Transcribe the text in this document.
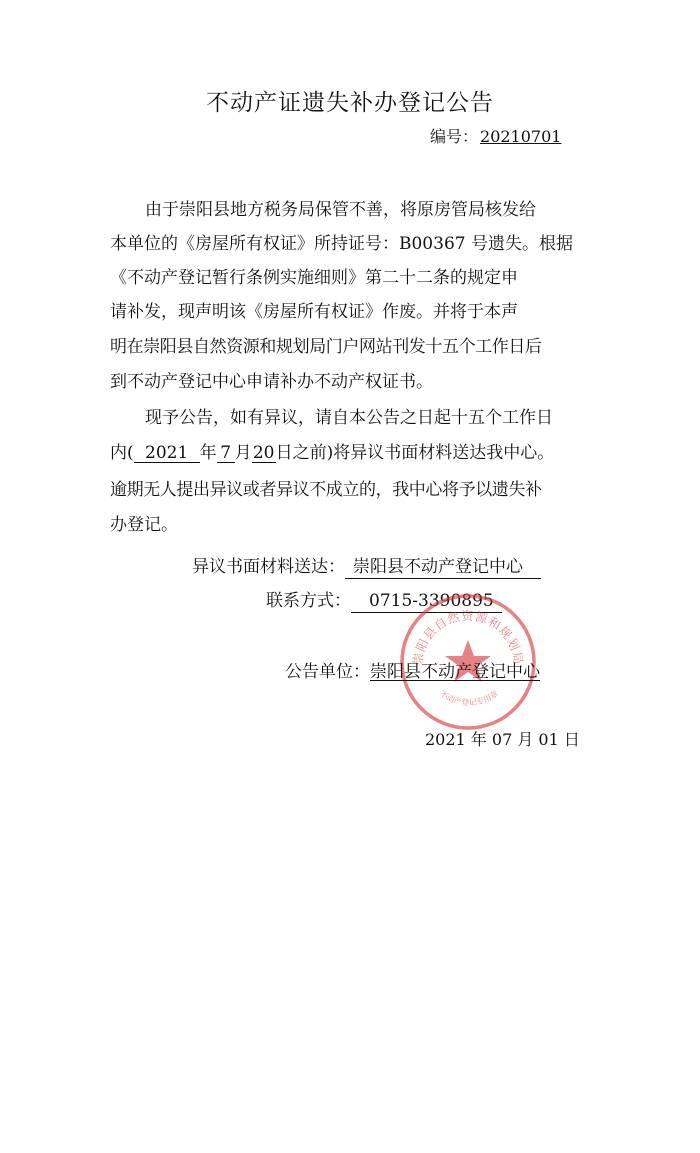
不动产证遗失补办登记公告
编号： 20210701
由于崇阳县地方税务局保管不善，将原房管局核发给
本单位的《房屋所有权证》所持证号：B00367 号遗失。根据
《不动产登记暂行条例实施细则》第二十二条的规定申
请补发，现声明该《房屋所有权证》作废。并将于本声
明在崇阳县自然资源和规划局门户网站刊发十五个工作日后
到不动产登记中心申请补办不动产权证书。
现予公告，如有异议，请自本公告之日起十五个工作日
内( 2021 年 7 月20日之前)将异议书面材料送达我中心。
逾期无人提出异议或者异议不成立的，我中心将予以遗失补
办登记。
异议书面材料送达： 崇阳县不动产登记中心
联系方式： 0715-3390895
崇阳县自然资源和规划局
不动产登记专用章
公告单位：崇阳县不动产登记中心
2021 年 07 月 01 日
